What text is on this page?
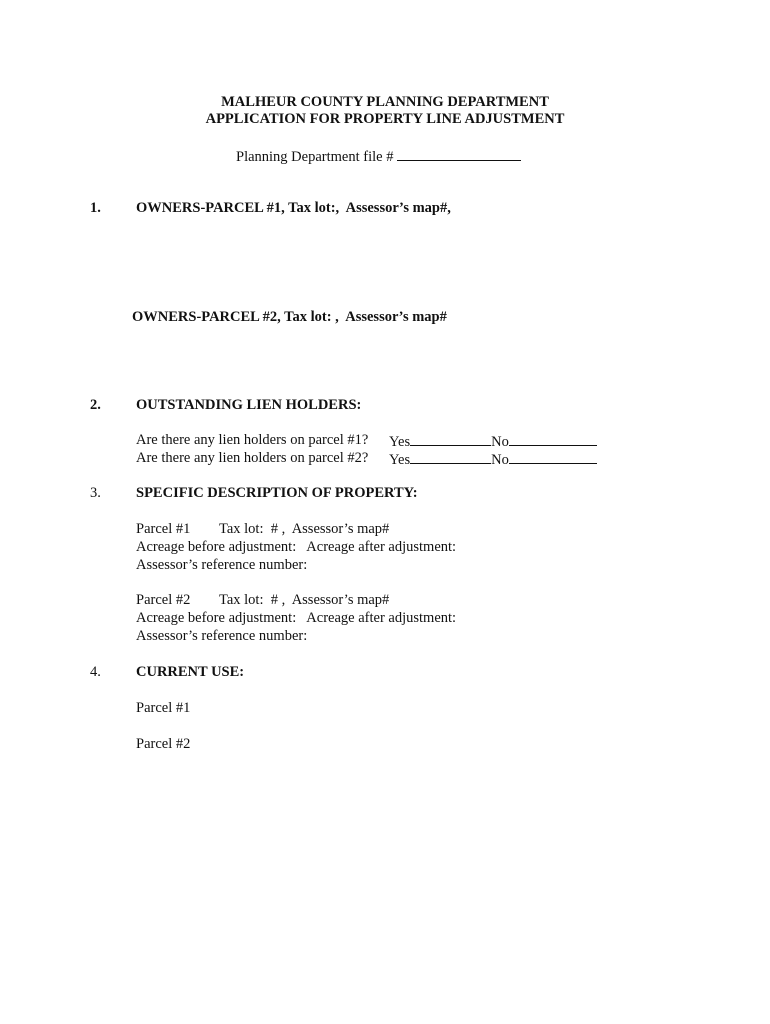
MALHEUR COUNTY PLANNING DEPARTMENT
APPLICATION FOR PROPERTY LINE ADJUSTMENT
Planning Department file #
1. OWNERS-PARCEL #1, Tax lot:,  Assessor’s map#,
OWNERS-PARCEL #2, Tax lot: ,  Assessor’s map#
2. OUTSTANDING LIEN HOLDERS:
Are there any lien holders on parcel #1? Yes	No
Are there any lien holders on parcel #2? Yes	No
3. SPECIFIC DESCRIPTION OF PROPERTY:
Parcel #1 Tax lot:  # ,  Assessor’s map#
Acreage before adjustment:   Acreage after adjustment:
Assessor’s reference number:
Parcel #2 Tax lot:  # ,  Assessor’s map#
Acreage before adjustment:   Acreage after adjustment:
Assessor’s reference number:
4. CURRENT USE:
Parcel #1
Parcel #2
